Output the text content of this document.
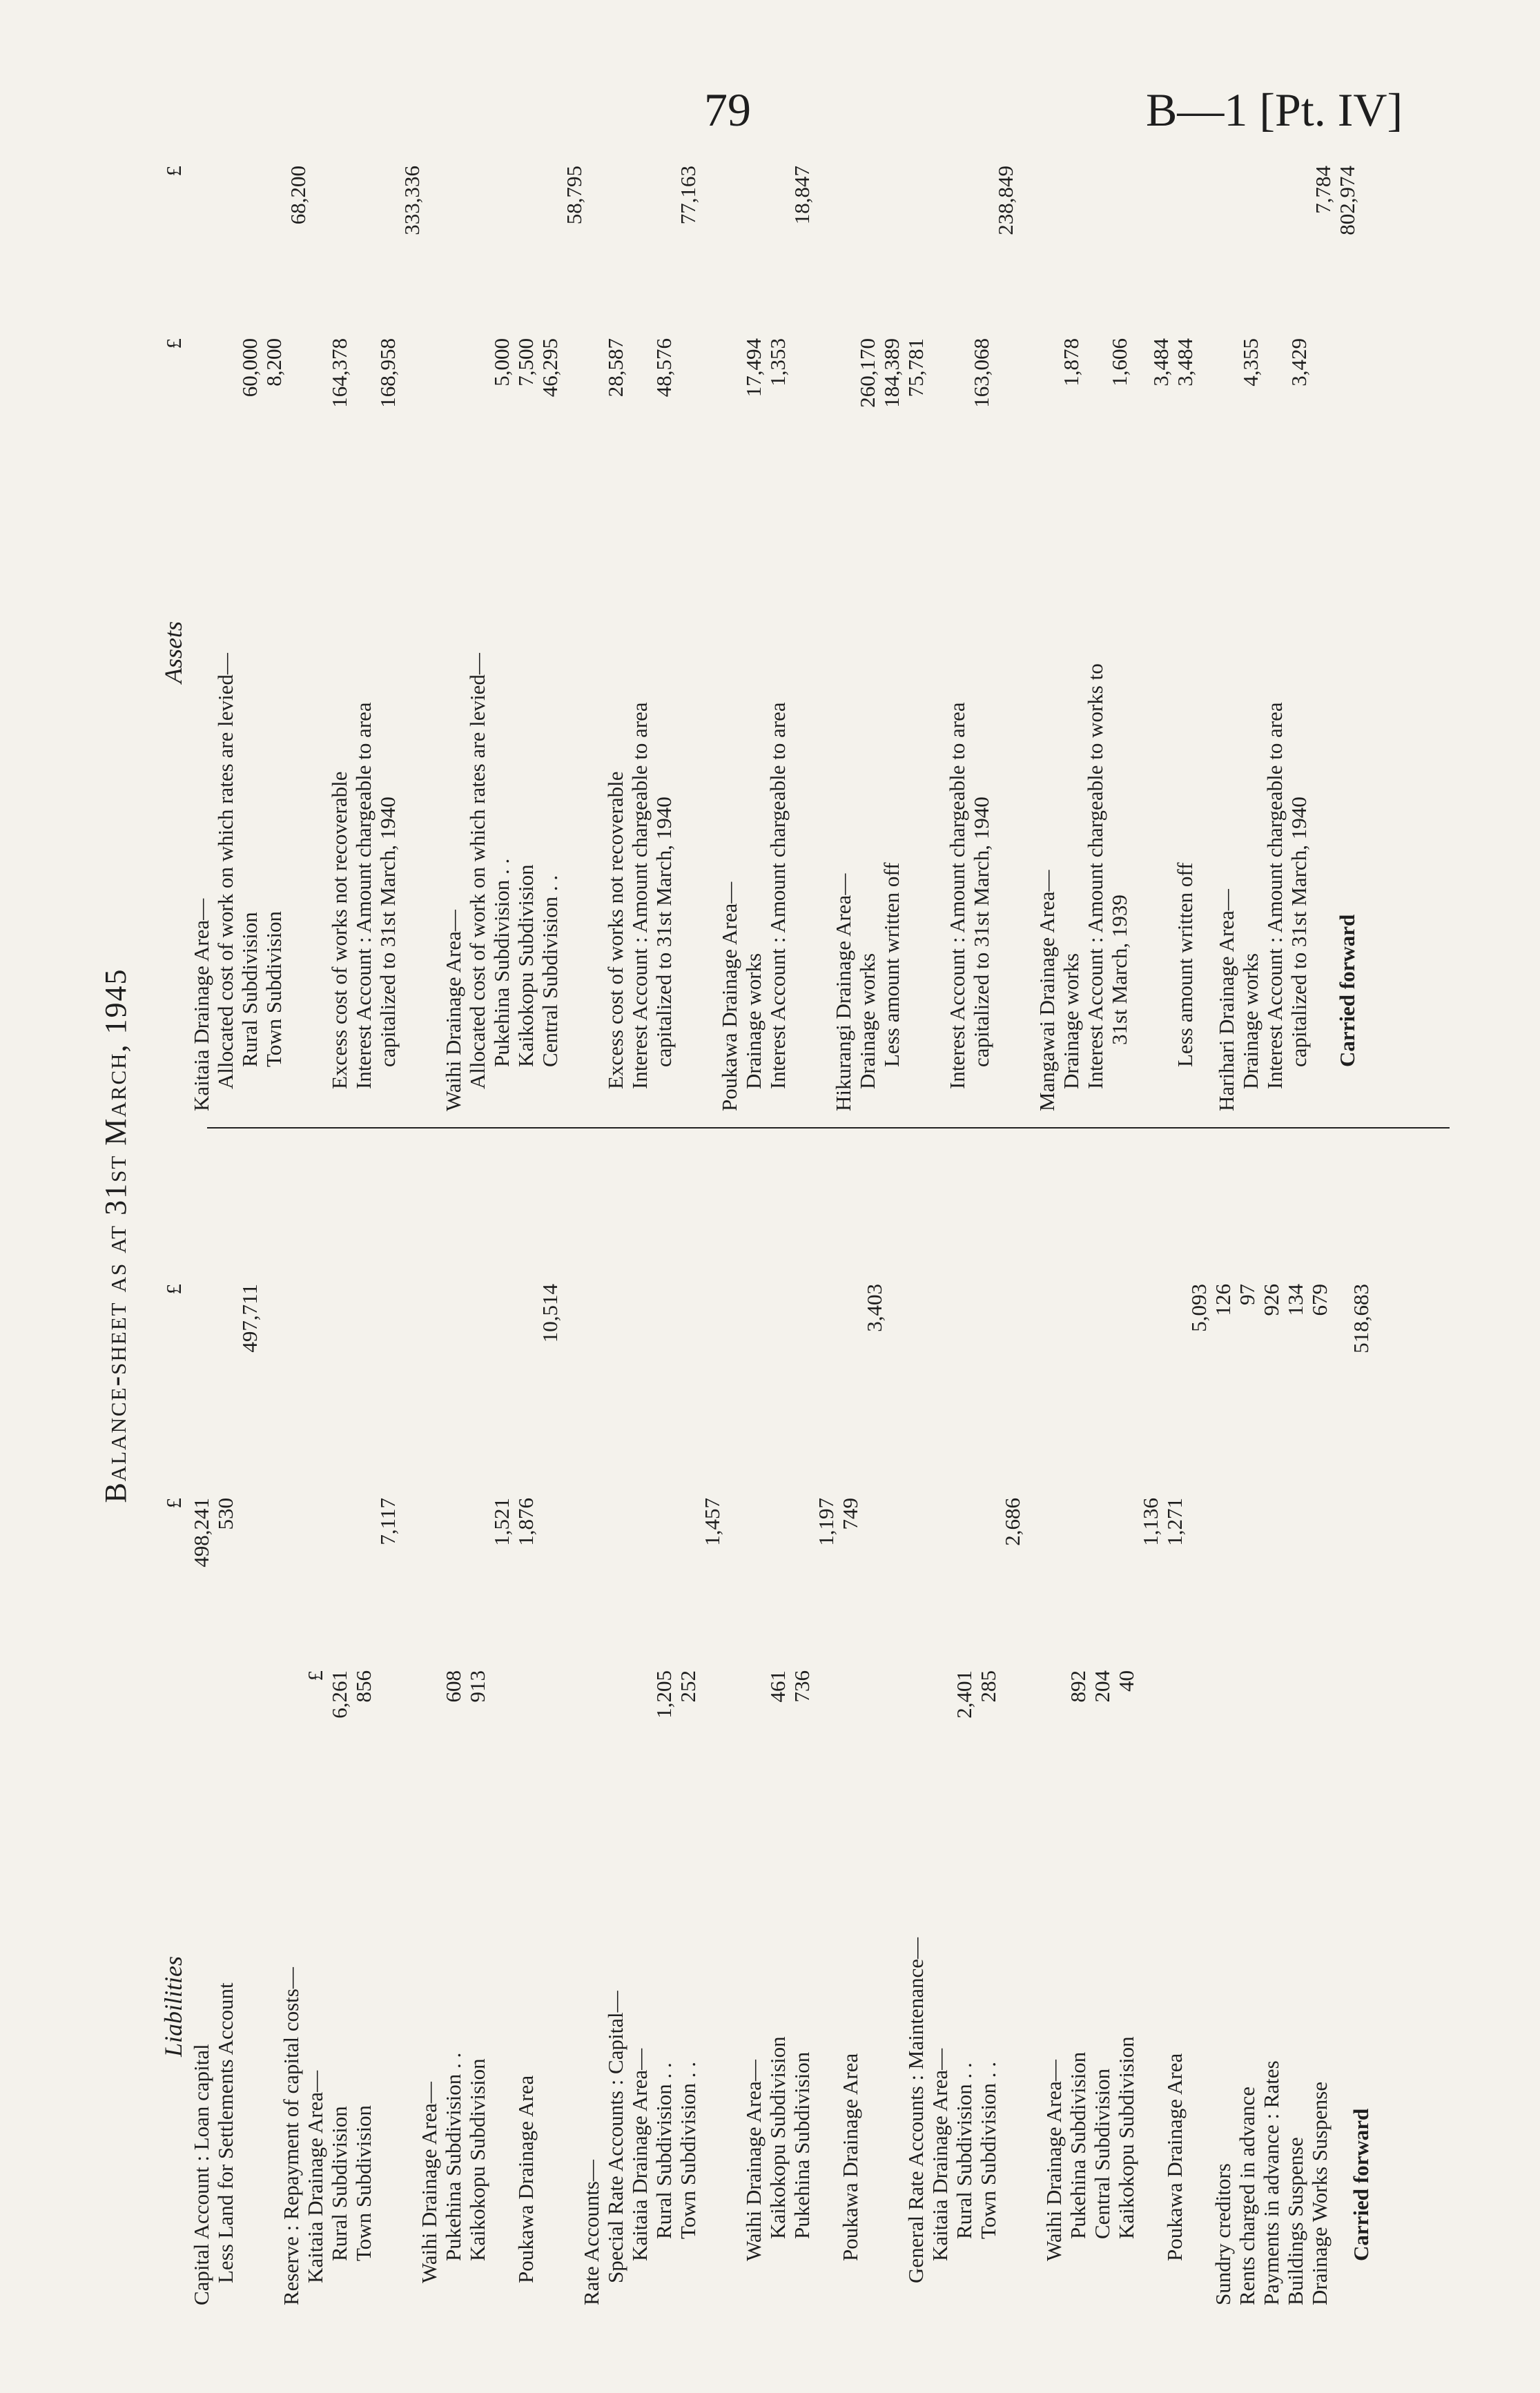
79	B—1 [Pt. IV]
Balance-sheet as at 31st March, 1945
Liabilities
£
£
Capital Account : Loan capital
498,241
Less Land for Settlements Account
530
497,711
Reserve : Repayment of capital costs— Kaitaia Drainage Area—
£
Rural Subdivision
6,261
Town Subdivision
856
7,117
Waihi Drainage Area— Pukehina Subdivision . .
608
Kaikokopu Subdivision
913
1,521
Poukawa Drainage Area
1,876
10,514
Rate Accounts— Special Rate Accounts : Capital— Kaitaia Drainage Area— Rural Subdivision . .
1,205
Town Subdivision . .
252
1,457
Waihi Drainage Area— Kaikokopu Subdivision
461
Pukehina Subdivision
736
1,197
Poukawa Drainage Area
749
3,403
General Rate Accounts : Maintenance— Kaitaia Drainage Area— Rural Subdivision . .
2,401
Town Subdivision . .
285
2,686
Waihi Drainage Area— Pukehina Subdivision
892
Central Subdivision
204
Kaikokopu Subdivision
40
1,136
Poukawa Drainage Area
1,271
5,093
Sundry creditors
126
Rents charged in advance
97
Payments in advance : Rates
926
Buildings Suspense
134
Drainage Works Suspense
679
Carried forward
518,683
Assets
£
£
Kaitaia Drainage Area— Allocated cost of work on which rates are levied— Rural Subdivision
60,000
Town Subdivision
8,200
68,200
Excess cost of works not recoverable
164,378
Interest Account : Amount chargeable to area capitalized to 31st March, 1940
168,958
333,336
Waihi Drainage Area— Allocated cost of work on which rates are levied— Pukehina Subdivision . .
5,000
Kaikokopu Subdivision
7,500
Central Subdivision . .
46,295
58,795
Excess cost of works not recoverable
28,587
Interest Account : Amount chargeable to area capitalized to 31st March, 1940
48,576
77,163
Poukawa Drainage Area— Drainage works
17,494
Interest Account : Amount chargeable to area
1,353
18,847
Hikurangi Drainage Area— Drainage works
260,170
Less amount written off
184,389 75,781
Interest Account : Amount chargeable to area capitalized to 31st March, 1940
163,068
238,849
Mangawai Drainage Area— Drainage works
1,878
Interest Account : Amount chargeable to works to 31st March, 1939
1,606 3,484
Less amount written off
3,484
Harihari Drainage Area— Drainage works
4,355
Interest Account : Amount chargeable to area capitalized to 31st March, 1940
3,429
7,784
Carried forward
802,974
